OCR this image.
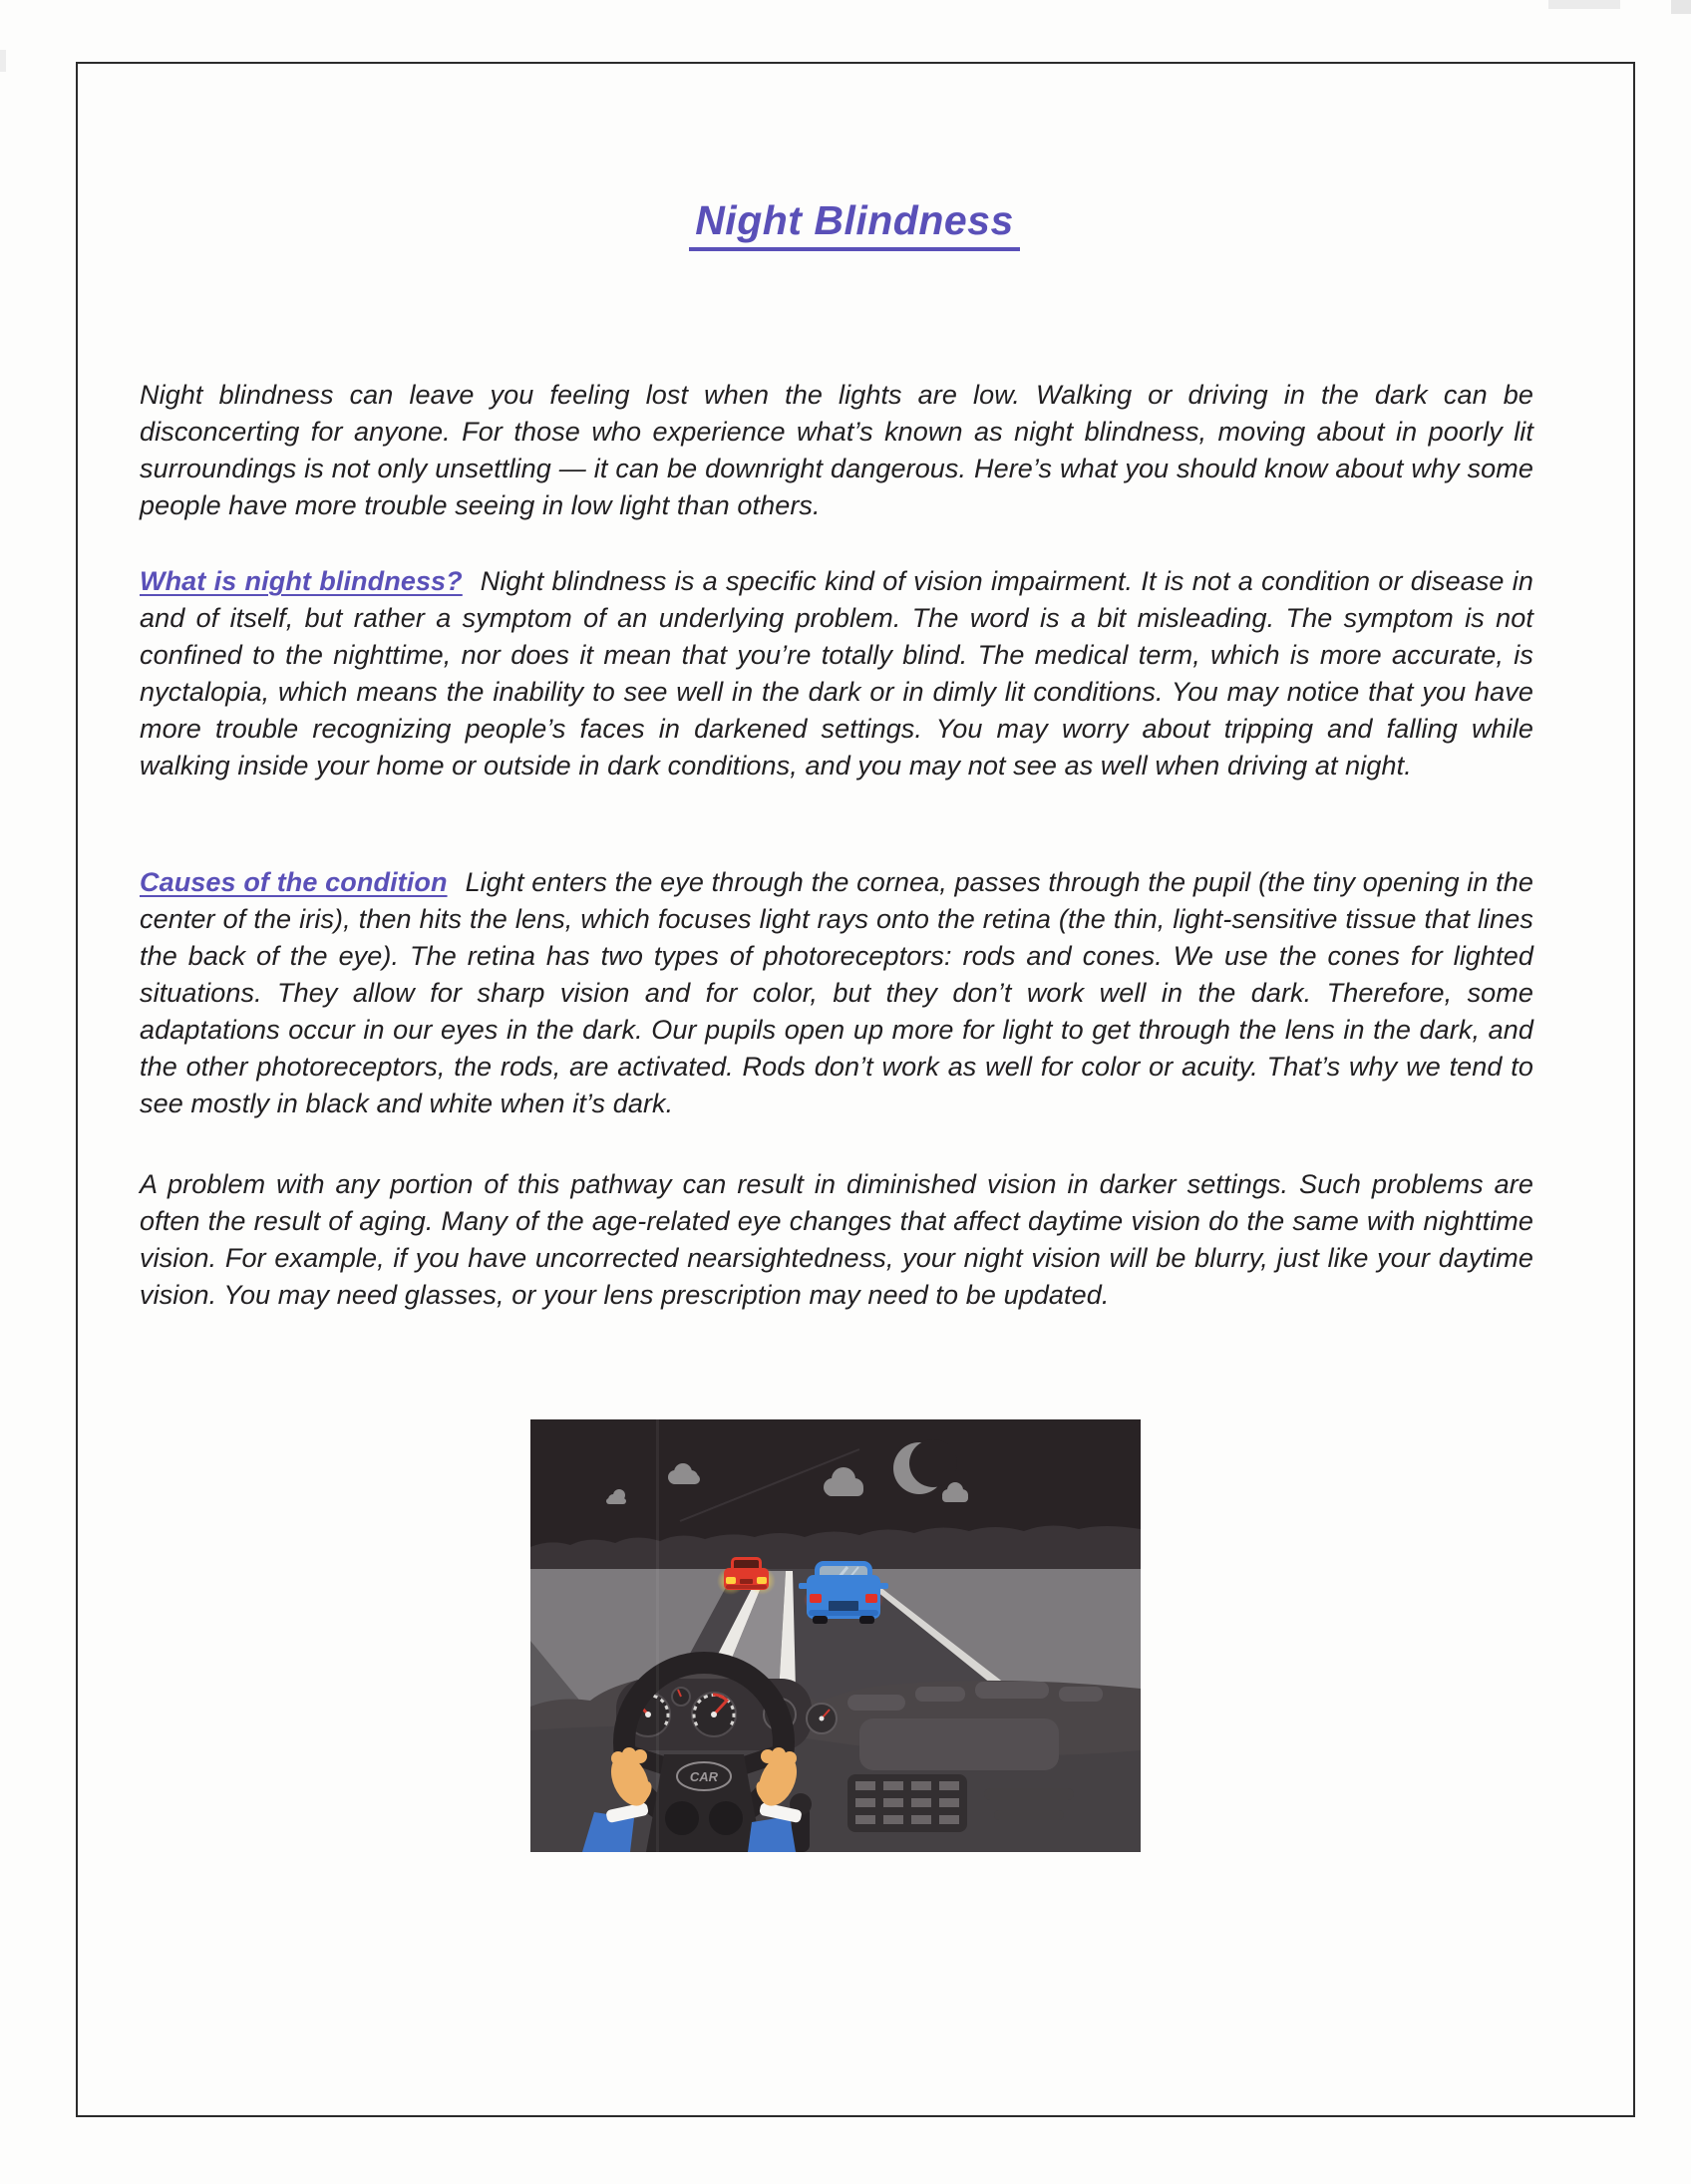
Night Blindness

Night blindness can leave you feeling lost when the lights are low. Walking or driving in the dark can be disconcerting for anyone. For those who experience what’s known as night blindness, moving about in poorly lit surroundings is not only unsettling — it can be downright dangerous. Here’s what you should know about why some people have more trouble seeing in low light than others.

What is night blindness? Night blindness is a specific kind of vision impairment. It is not a condition or disease in and of itself, but rather a symptom of an underlying problem. The word is a bit misleading. The symptom is not confined to the nighttime, nor does it mean that you’re totally blind. The medical term, which is more accurate, is nyctalopia, which means the inability to see well in the dark or in dimly lit conditions. You may notice that you have more trouble recognizing people’s faces in darkened settings. You may worry about tripping and falling while walking inside your home or outside in dark conditions, and you may not see as well when driving at night.

Causes of the condition Light enters the eye through the cornea, passes through the pupil (the tiny opening in the center of the iris), then hits the lens, which focuses light rays onto the retina (the thin, light-sensitive tissue that lines the back of the eye). The retina has two types of photoreceptors: rods and cones. We use the cones for lighted situations. They allow for sharp vision and for color, but they don’t work well in the dark. Therefore, some adaptations occur in our eyes in the dark. Our pupils open up more for light to get through the lens in the dark, and the other photoreceptors, the rods, are activated. Rods don’t work as well for color or acuity. That’s why we tend to see mostly in black and white when it’s dark.

A problem with any portion of this pathway can result in diminished vision in darker settings. Such problems are often the result of aging. Many of the age-related eye changes that affect daytime vision do the same with nighttime vision. For example, if you have uncorrected nearsightedness, your night vision will be blurry, just like your daytime vision. You may need glasses, or your lens prescription may need to be updated.

CAR
